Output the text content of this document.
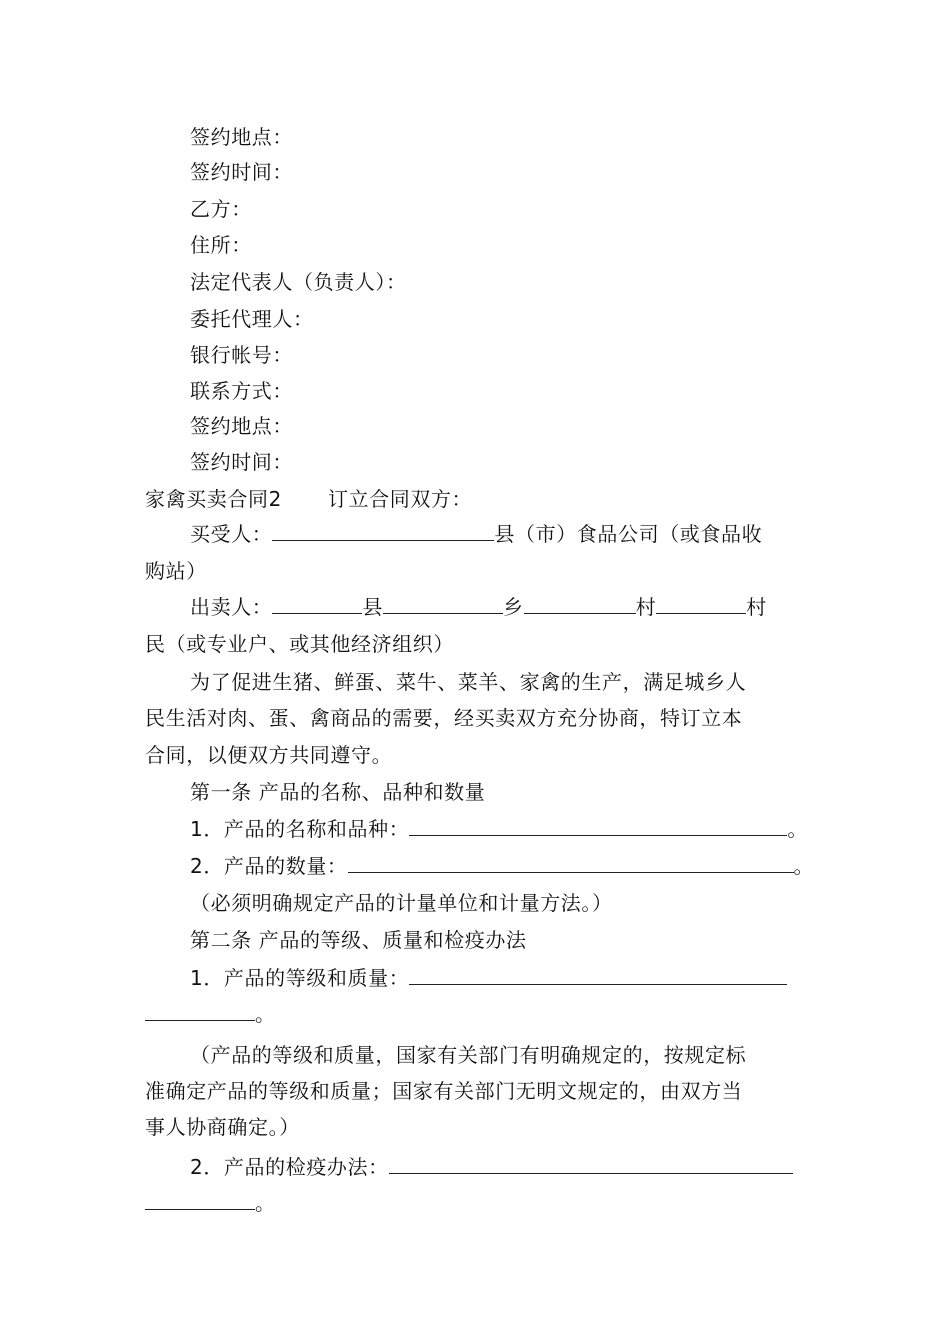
签约地点：
签约时间：
乙方：
住所：
法定代表人（负责人）：
委托代理人：
银行帐号：
联系方式：
签约地点：
签约时间：
家禽买卖合同2 订立合同双方：
买受人：	县（市）食品公司（或食品收
购站）
出卖人：	县	乡	村	村
民（或专业户、或其他经济组织）
为了促进生猪、鲜蛋、菜牛、菜羊、家禽的生产，满足城乡人
民生活对肉、蛋、禽商品的需要，经买卖双方充分协商，特订立本
合同，以便双方共同遵守。
第一条 产品的名称、品种和数量
1．产品的名称和品种：	。
2．产品的数量：	。
（必须明确规定产品的计量单位和计量方法。）
第二条 产品的等级、质量和检疫办法
1．产品的等级和质量：
。
（产品的等级和质量，国家有关部门有明确规定的，按规定标
准确定产品的等级和质量；国家有关部门无明文规定的，由双方当
事人协商确定。）
2．产品的检疫办法：
。
